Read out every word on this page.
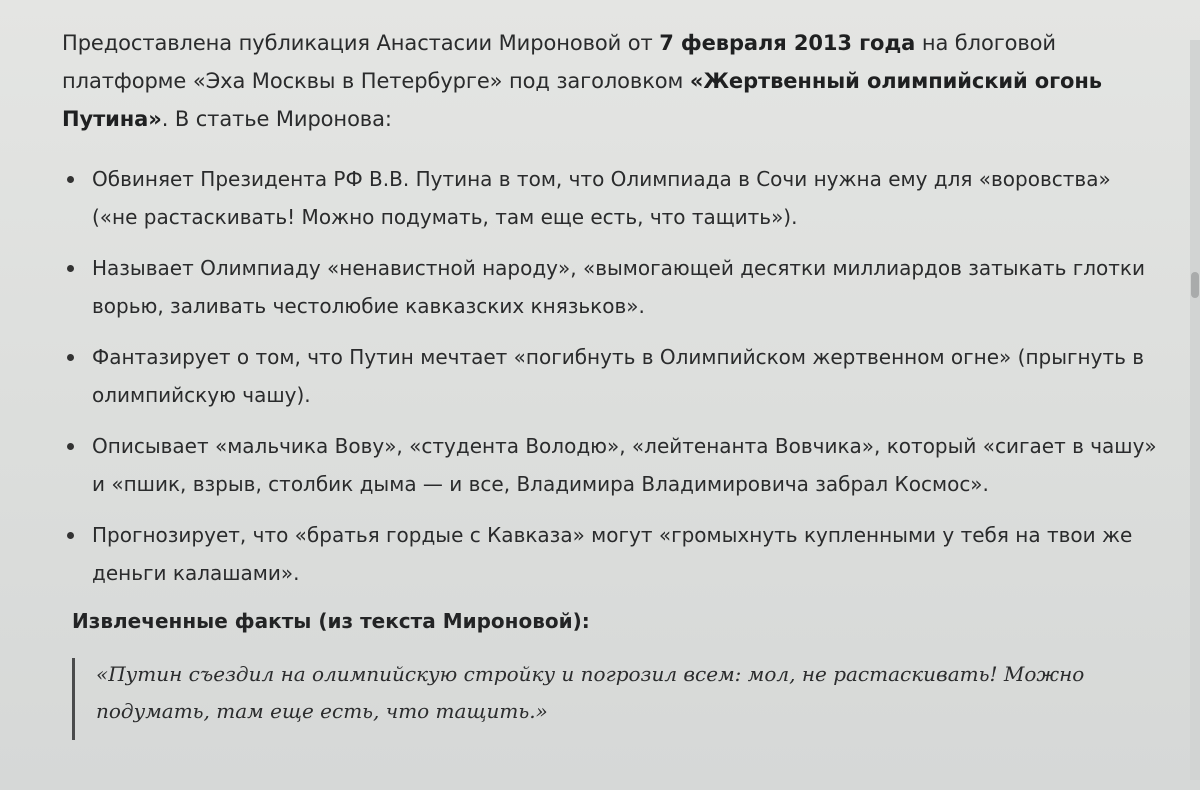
Предоставлена публикация Анастасии Мироновой от 7 февраля 2013 года на блоговой платформе «Эха Москвы в Петербурге» под заголовком «Жертвенный олимпийский огонь Путина». В статье Миронова:

Обвиняет Президента РФ В.В. Путина в том, что Олимпиада в Сочи нужна ему для «воровства» («не растаскивать! Можно подумать, там еще есть, что тащить»).
Называет Олимпиаду «ненавистной народу», «вымогающей десятки миллиардов затыкать глотки ворью, заливать честолюбие кавказских князьков».
Фантазирует о том, что Путин мечтает «погибнуть в Олимпийском жертвенном огне» (прыгнуть в олимпийскую чашу).
Описывает «мальчика Вову», «студента Володю», «лейтенанта Вовчика», который «сигает в чашу» и «пшик, взрыв, столбик дыма — и все, Владимира Владимировича забрал Космос».
Прогнозирует, что «братья гордые с Кавказа» могут «громыхнуть купленными у тебя на твои же деньги калашами».
Извлеченные факты (из текста Мироновой):
«Путин съездил на олимпийскую стройку и погрозил всем: мол, не растаскивать! Можно подумать, там еще есть, что тащить.»
